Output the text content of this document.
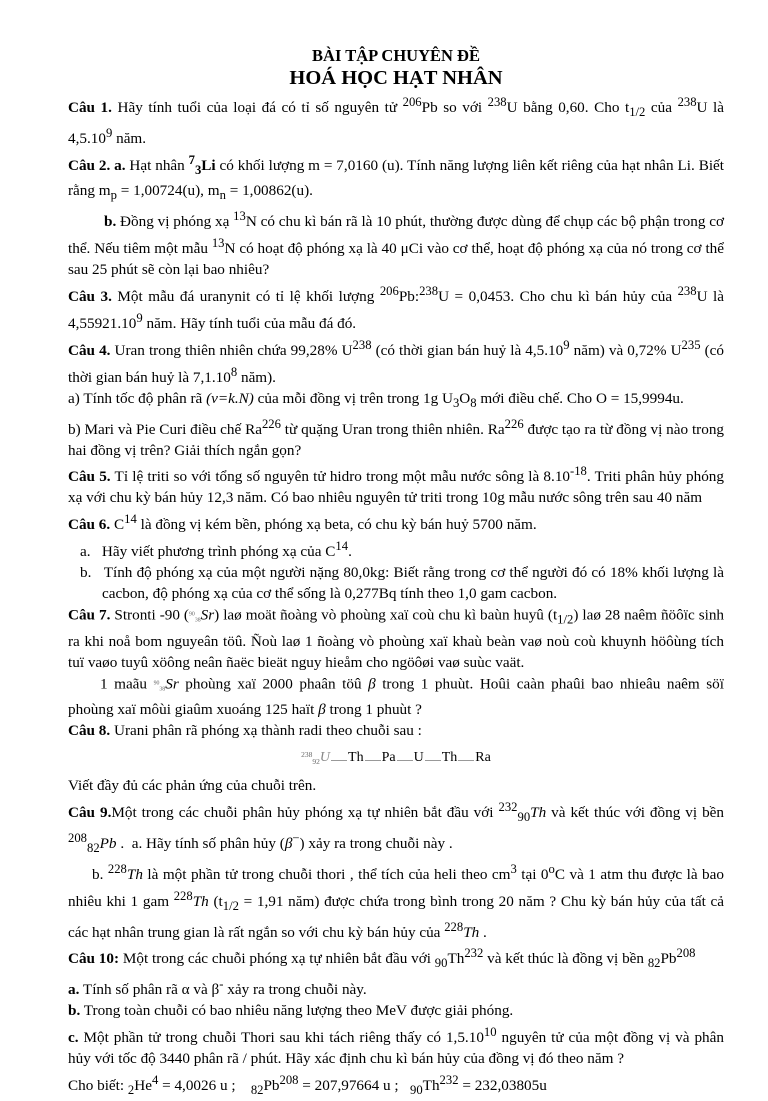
BÀI TẬP CHUYÊN ĐỀ
HOÁ HỌC HẠT NHÂN

Câu 1. Hãy tính tuổi của loại đá có tỉ số nguyên tử $^{206}$Pb so với $^{238}$U bằng 0,60. Cho $t_{1/2}$ của $^{238}$U là 4,5.10$^9$ năm.

Câu 2. a. Hạt nhân $^7_3$Li có khối lượng m = 7,0160 (u). Tính năng lượng liên kết riêng của hạt nhân Li. Biết rằng $m_p = 1,00724(u)$, $m_n = 1,00862(u)$.

b. Đồng vị phóng xạ $^{13}$N có chu kì bán rã là 10 phút, thường được dùng để chụp các bộ phận trong cơ thể. Nếu tiêm một mẫu $^{13}$N có hoạt độ phóng xạ là 40 μCi vào cơ thể, hoạt độ phóng xạ của nó trong cơ thể sau 25 phút sẽ còn lại bao nhiêu?

Câu 3. Một mẫu đá uranynit có tỉ lệ khối lượng $^{206}$Pb:$^{238}$U = 0,0453. Cho chu kì bán hủy của $^{238}$U là 4,55921.10$^9$ năm. Hãy tính tuổi của mẫu đá đó.

Câu 4. Uran trong thiên nhiên chứa 99,28% $U^{238}$ (có thời gian bán huỷ là 4,5.10$^9$ năm) và 0,72% $U^{235}$ (có thời gian bán huỷ là 7,1.10$^8$ năm).

a) Tính tốc độ phân rã (v=k.N) của mỗi đồng vị trên trong 1g $U_3O_8$ mới điều chế. Cho O = 15,9994u.

b) Mari và Pie Curi điều chế Ra$^{226}$ từ quặng Uran trong thiên nhiên. Ra$^{226}$ được tạo ra từ đồng vị nào trong hai đồng vị trên? Giải thích ngắn gọn?

Câu 5. Tỉ lệ triti so với tổng số nguyên tử hidro trong một mẫu nước sông là $8.10^{-18}$. Triti phân hủy phóng xạ với chu kỳ bán hủy 12,3 năm. Có bao nhiêu nguyên tử triti trong 10g mẫu nước sông trên sau 40 năm

Câu 6. $C^{14}$ là đồng vị kém bền, phóng xạ beta, có chu kỳ bán huỷ 5700 năm.

a.   Hãy viết phương trình phóng xạ của $C^{14}$.

b.   Tính độ phóng xạ của một người nặng 80,0kg: Biết rằng trong cơ thể người đó có 18% khối lượng là cacbon, độ phóng xạ của cơ thể sống là 0,277Bq tính theo 1,0 gam cacbon.

Câu 7. Stronti -90 ($^{90}_{38}$Sr) laø moät ñoàng vò phoùng xaï coù chu kì baùn huyû $(t_{1/2})$ laø 28 naêm ñöôïc sinh ra khi noå bom nguyeân töû. Ñoù laø 1 ñoàng vò phoùng xaï khaù beàn vaø noù coù khuynh höôùng tích tuï vaøo tuyû xöông neân ñaëc bieät nguy hieåm cho ngöôøi vaø suùc vaät.

1 maãu $^{90}_{38}$Sr phoùng xaï 2000 phaân töû β trong 1 phuùt. Hoûi caàn phaûi bao nhieâu naêm söï phoùng xaï môùi giaûm xuoáng 125 haït β trong 1 phuùt ?

Câu 8. Urani phân rã phóng xạ thành radi theo chuỗi sau :

$^{238}_{92}$U Th Pa U Th Ra

Viết đầy đủ các phản ứng của chuỗi trên.

Câu 9.Một trong các chuỗi phân hủy phóng xạ tự nhiên bắt đầu với $^{232}_{90}$Th và kết thúc với đồng vị bền $^{208}_{82}$Pb .  a. Hãy tính số phân hủy (β−) xảy ra trong chuỗi này .

b. $^{228}$Th là một phần tử trong chuỗi thori , thể tích của heli theo $cm^3$ tại 0$^o$C và 1 atm thu được là bao nhiêu khi 1 gam $^{228}$Th ($t_{1/2} = 1,91$ năm) được chứa trong bình trong 20 năm ? Chu kỳ bán hủy của tất cả các hạt nhân trung gian là rất ngắn so với chu kỳ bán hủy của $^{228}$Th .

Câu 10: Một trong các chuỗi phóng xạ tự nhiên bắt đầu với $_{90}Th^{232}$ và kết thúc là đồng vị bền $_{82}Pb^{208}$

a. Tính số phân rã α và β- xảy ra trong chuỗi này.

b. Trong toàn chuỗi có bao nhiêu năng lượng theo MeV được giải phóng.

c. Một phần tử trong chuỗi Thori sau khi tách riêng thấy có 1,5.10$^{10}$ nguyên tử của một đồng vị và phân hủy với tốc độ 3440 phân rã / phút. Hãy xác định chu kì bán hủy của đồng vị đó theo năm ?

Cho biết: $_2He^4 = 4,0026$ u ;    $_{82}Pb^{208} = 207,97664$ u ;   $_{90}Th^{232} = 232,03805u$
